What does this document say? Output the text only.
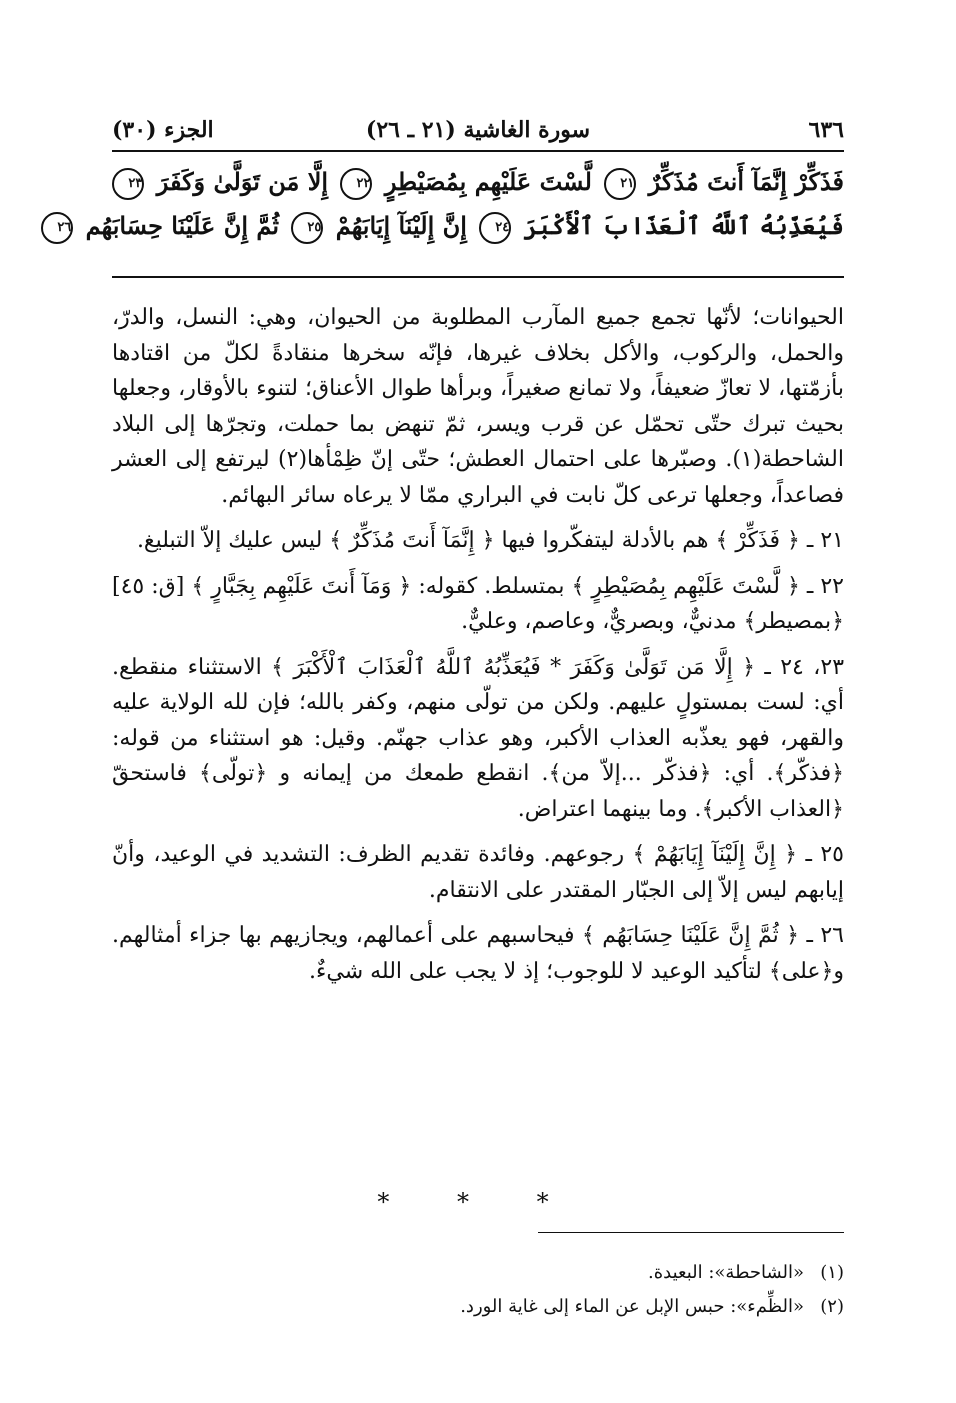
٦٣٦
سورة الغاشية (٢١ ـ ٢٦)
الجزء (٣٠)
فَذَكِّرْ إِنَّمَآ أَنتَ مُذَكِّرٌ ٢١ لَّسْتَ عَلَيْهِم بِمُصَيْطِرٍ ٢٢ إِلَّا مَن تَوَلَّىٰ وَكَفَرَ ٢٣
فَيُعَذِّبُهُ ٱللَّهُ ٱلْعَذَابَ ٱلْأَكْبَرَ ٢٤ إِنَّ إِلَيْنَآ إِيَابَهُمْ ٢٥ ثُمَّ إِنَّ عَلَيْنَا حِسَابَهُم ٢٦

الحيوانات؛ لأنّها تجمع جميع المآرب المطلوبة من الحيوان، وهي: النسل، والدرّ، والحمل، والركوب، والأكل بخلاف غيرها، فإنّه سخرها منقادةً لكلّ من اقتادها بأزمّتها، لا تعازّ ضعيفاً، ولا تمانع صغيراً، وبرأها طوال الأعناق؛ لتنوء بالأوقار، وجعلها بحيث تبرك حتّى تحمّل عن قرب ويسر، ثمّ تنهض بما حملت، وتجرّها إلى البلاد الشاحطة(١). وصبّرها على احتمال العطش؛ حتّى إنّ ظِمْأها(٢) ليرتفع إلى العشر فصاعداً، وجعلها ترعى كلّ نابت في البراري ممّا لا يرعاه سائر البهائم.

٢١ ـ ﴿ فَذَكِّرْ ﴾ هم بالأدلة ليتفكّروا فيها ﴿ إِنَّمَآ أَنتَ مُذَكِّرٌ ﴾ ليس عليك إلاّ التبليغ.

٢٢ ـ ﴿ لَّسْتَ عَلَيْهِم بِمُصَيْطِرٍ ﴾ بمتسلط. كقوله: ﴿ وَمَآ أَنتَ عَلَيْهِم بِجَبَّارٍ ﴾ [ق: ٤٥] ﴿بمصيطر﴾ مدنيٌّ، وبصريٌّ، وعاصم، وعليٌّ.

٢٣، ٢٤ ـ ﴿ إِلَّا مَن تَوَلَّىٰ وَكَفَرَ * فَيُعَذِّبُهُ ٱللَّهُ ٱلْعَذَابَ ٱلْأَكْبَرَ ﴾ الاستثناء منقطع. أي: لست بمستولٍ عليهم. ولكن من تولّى منهم، وكفر بالله؛ فإن لله الولاية عليه والقهر، فهو يعذّبه العذاب الأكبر، وهو عذاب جهنّم. وقيل: هو استثناء من قوله: ﴿فذكّر﴾. أي: ﴿فذكّر ...إلاّ من﴾. انقطع طمعك من إيمانه و ﴿تولّى﴾ فاستحقّ ﴿العذاب الأكبر﴾. وما بينهما اعتراض.

٢٥ ـ ﴿ إِنَّ إِلَيْنَآ إِيَابَهُمْ ﴾ رجوعهم. وفائدة تقديم الظرف: التشديد في الوعيد، وأنّ إيابهم ليس إلاّ إلى الجبّار المقتدر على الانتقام.

٢٦ ـ ﴿ ثُمَّ إِنَّ عَلَيْنَا حِسَابَهُم ﴾ فيحاسبهم على أعمالهم، ويجازيهم بها جزاء أمثالهم. و﴿على﴾ لتأكيد الوعيد لا للوجوب؛ إذ لا يجب على الله شيءٌ.

* * *
(١)«الشاحطة»: البعيدة.
(٢)«الظِّمء»: حبس الإبل عن الماء إلى غاية الورد.
